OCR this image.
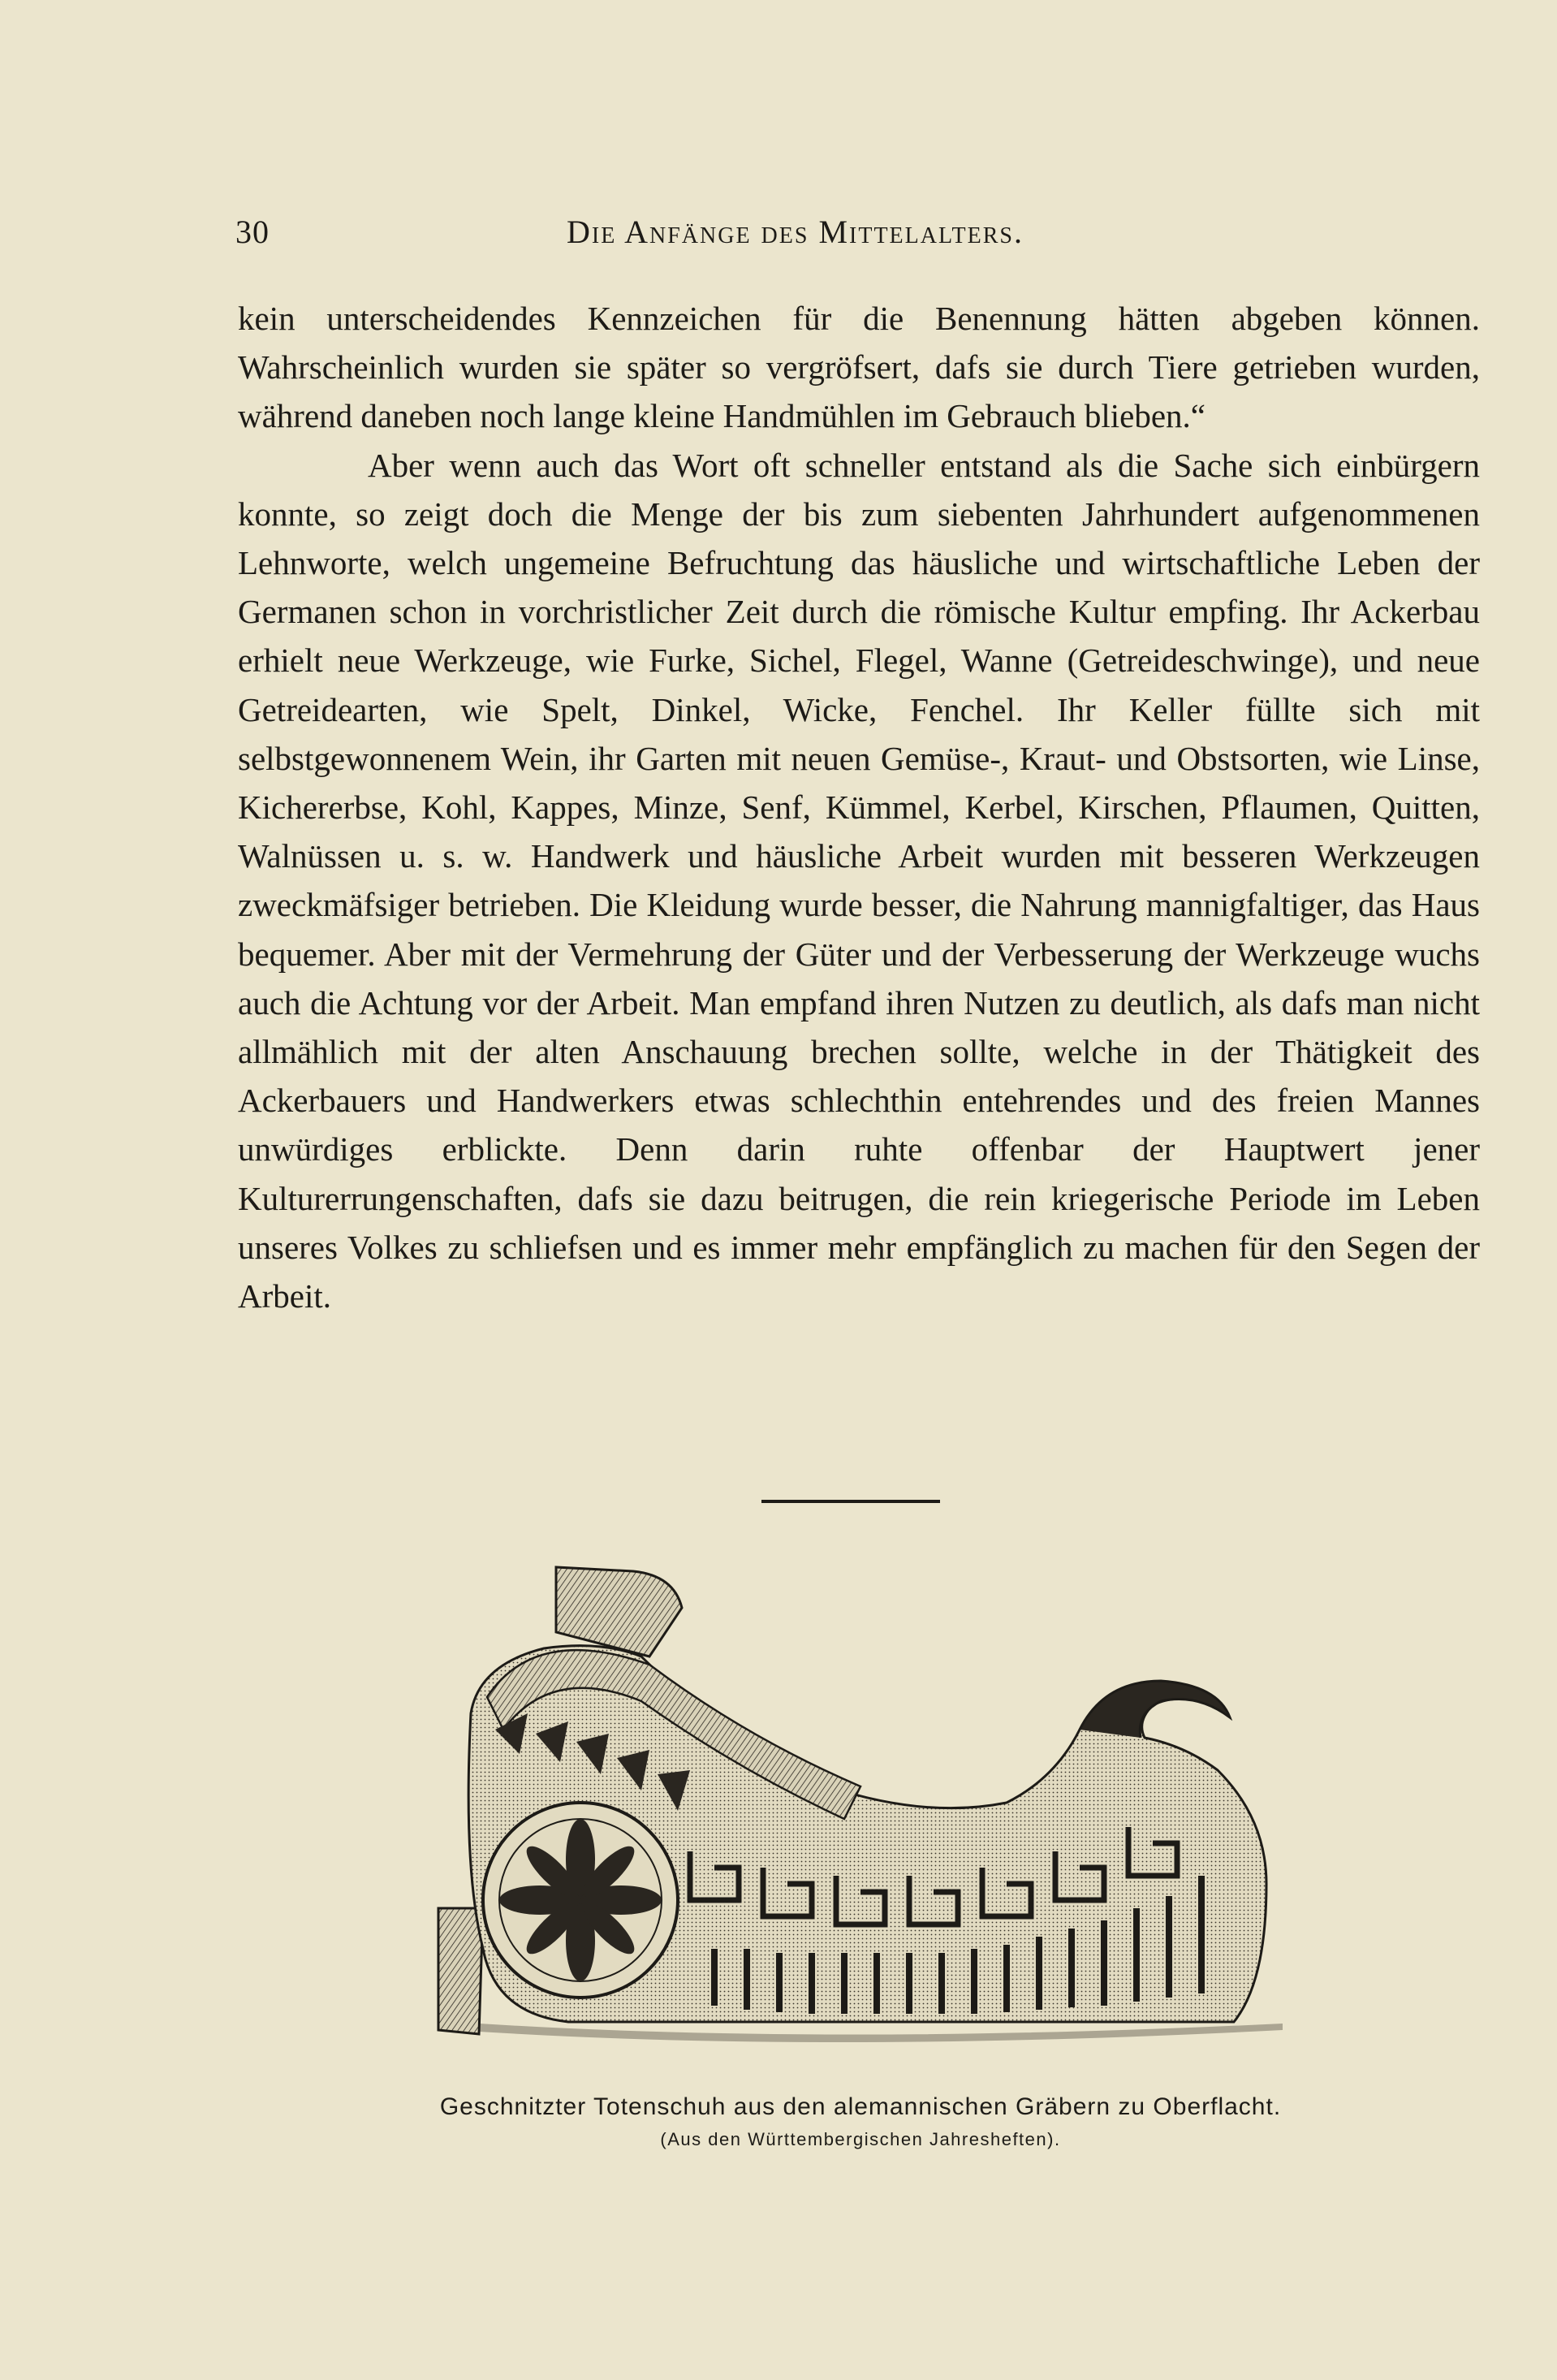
30	Die Anfänge des Mittelalters.

kein unterscheidendes Kennzeichen für die Benennung hätten abgeben können. Wahrscheinlich wurden sie später so vergröfsert, dafs sie durch Tiere getrieben wurden, während daneben noch lange kleine Handmühlen im Gebrauch blieben.“

Aber wenn auch das Wort oft schneller entstand als die Sache sich einbürgern konnte, so zeigt doch die Menge der bis zum siebenten Jahrhundert aufgenommenen Lehnworte, welch ungemeine Befruchtung das häusliche und wirtschaftliche Leben der Germanen schon in vorchristlicher Zeit durch die römische Kultur empfing. Ihr Ackerbau erhielt neue Werkzeuge, wie Furke, Sichel, Flegel, Wanne (Getreideschwinge), und neue Getreidearten, wie Spelt, Dinkel, Wicke, Fenchel. Ihr Keller füllte sich mit selbstgewonnenem Wein, ihr Garten mit neuen Gemüse-, Kraut- und Obstsorten, wie Linse, Kichererbse, Kohl, Kappes, Minze, Senf, Kümmel, Kerbel, Kirschen, Pflaumen, Quitten, Walnüssen u. s. w. Handwerk und häusliche Arbeit wurden mit besseren Werkzeugen zweckmäfsiger betrieben. Die Kleidung wurde besser, die Nahrung mannigfaltiger, das Haus bequemer. Aber mit der Vermehrung der Güter und der Verbesserung der Werkzeuge wuchs auch die Achtung vor der Arbeit. Man empfand ihren Nutzen zu deutlich, als dafs man nicht allmählich mit der alten Anschauung brechen sollte, welche in der Thätigkeit des Ackerbauers und Handwerkers etwas schlechthin entehrendes und des freien Mannes unwürdiges erblickte. Denn darin ruhte offenbar der Hauptwert jener Kulturerrungenschaften, dafs sie dazu beitrugen, die rein kriegerische Periode im Leben unseres Volkes zu schliefsen und es immer mehr empfänglich zu machen für den Segen der Arbeit.

Geschnitzter Totenschuh aus den alemannischen Gräbern zu Oberflacht.
(Aus den Württembergischen Jahresheften).
